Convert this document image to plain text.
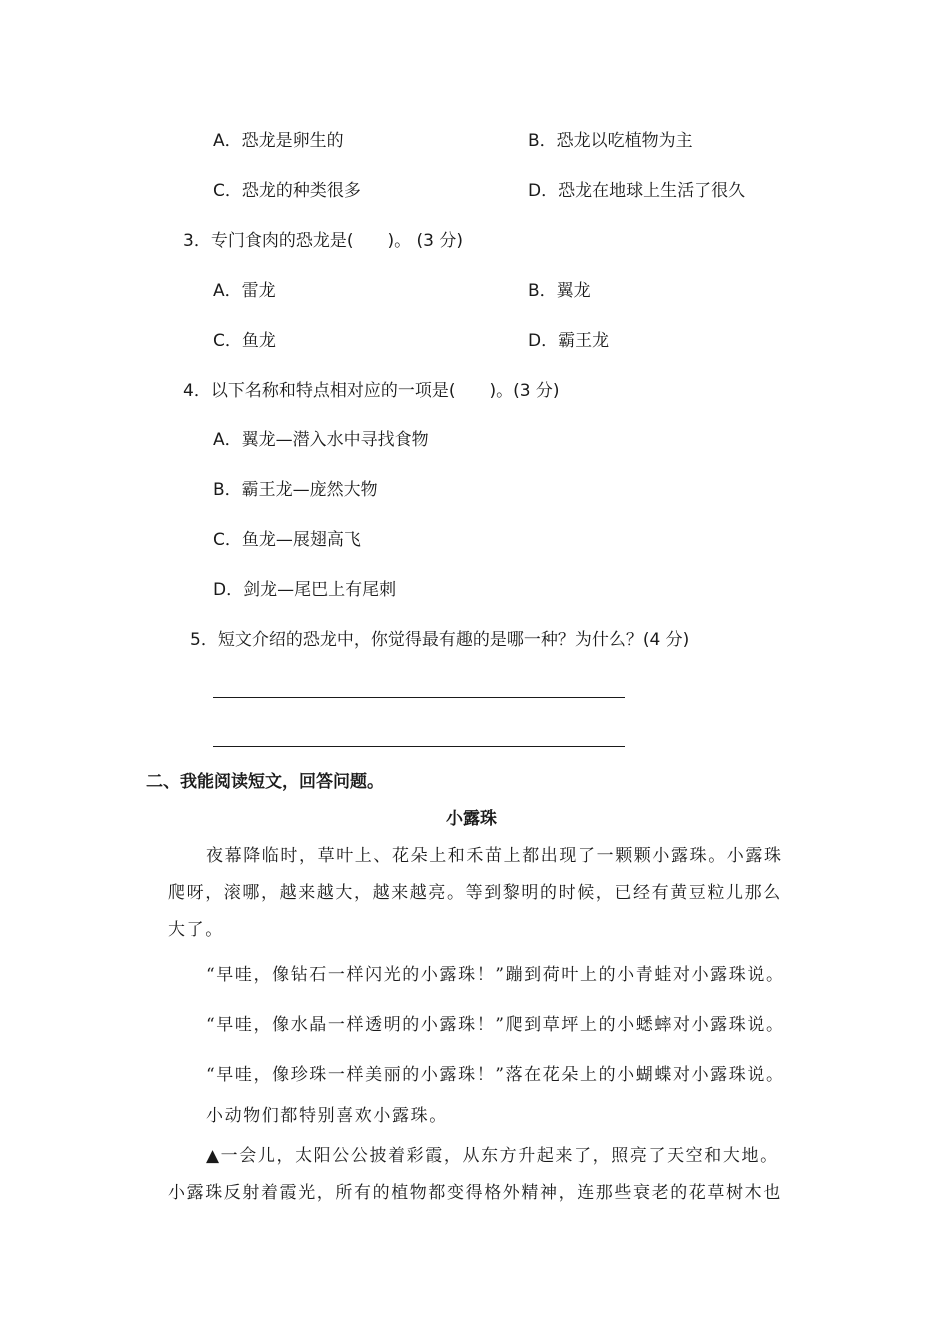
A．恐龙是卵生的	B．恐龙以吃植物为主
C．恐龙的种类很多	D．恐龙在地球上生活了很久
3．专门食肉的恐龙是(　　)。 (3 分)
A．雷龙	B．翼龙
C．鱼龙	D．霸王龙
4．以下名称和特点相对应的一项是(　　)。(3 分)
A．翼龙—潜入水中寻找食物
B．霸王龙—庞然大物
C．鱼龙—展翅高飞
D．剑龙—尾巴上有尾刺
5．短文介绍的恐龙中，你觉得最有趣的是哪一种？为什么？(4 分)
二、我能阅读短文，回答问题。
小露珠
夜幕降临时，草叶上、花朵上和禾苗上都出现了一颗颗小露珠。小露珠
爬呀，滚哪，越来越大，越来越亮。等到黎明的时候，已经有黄豆粒儿那么
大了。
“早哇，像钻石一样闪光的小露珠！”蹦到荷叶上的小青蛙对小露珠说。
“早哇，像水晶一样透明的小露珠！”爬到草坪上的小蟋蟀对小露珠说。
“早哇，像珍珠一样美丽的小露珠！”落在花朵上的小蝴蝶对小露珠说。
小动物们都特别喜欢小露珠。
▲一会儿，太阳公公披着彩霞，从东方升起来了，照亮了天空和大地。
小露珠反射着霞光，所有的植物都变得格外精神，连那些衰老的花草树木也
